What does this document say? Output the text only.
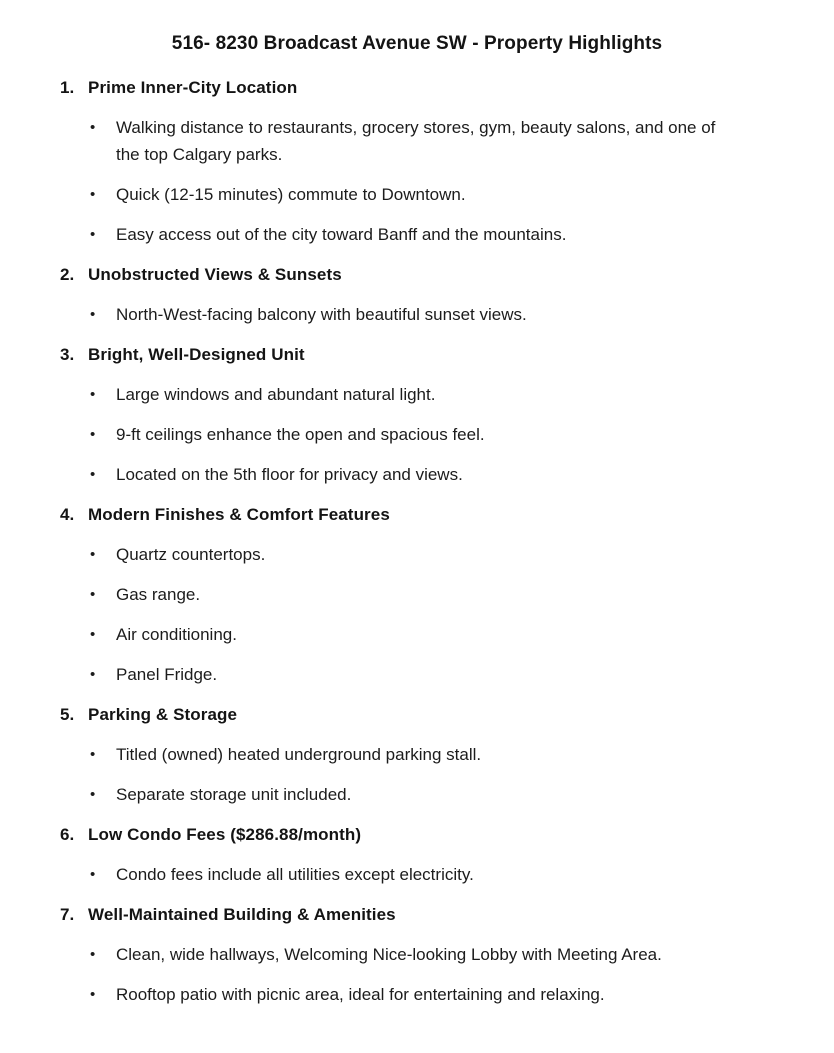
516- 8230 Broadcast Avenue SW - Property Highlights
1. Prime Inner-City Location
•	Walking distance to restaurants, grocery stores, gym, beauty salons, and one of the top Calgary parks.
•	Quick (12-15 minutes) commute to Downtown.
•	Easy access out of the city toward Banff and the mountains.
2. Unobstructed Views & Sunsets
•	North-West-facing balcony with beautiful sunset views.
3. Bright, Well-Designed Unit
•	Large windows and abundant natural light.
•	9-ft ceilings enhance the open and spacious feel.
•	Located on the 5th floor for privacy and views.
4. Modern Finishes & Comfort Features
•	Quartz countertops.
•	Gas range.
•	Air conditioning.
•	Panel Fridge.
5. Parking & Storage
•	Titled (owned) heated underground parking stall.
•	Separate storage unit included.
6. Low Condo Fees ($286.88/month)
•	Condo fees include all utilities except electricity.
7. Well-Maintained Building & Amenities
•	Clean, wide hallways, Welcoming Nice-looking Lobby with Meeting Area.
•	Rooftop patio with picnic area, ideal for entertaining and relaxing.
